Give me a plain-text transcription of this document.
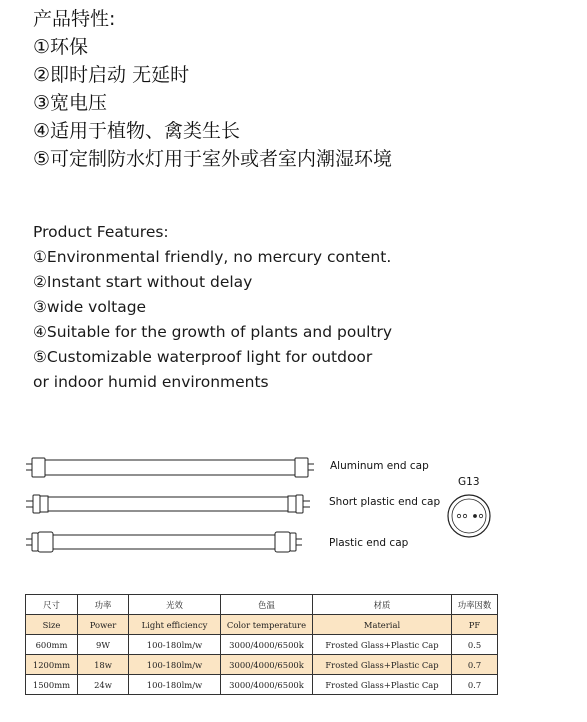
产品特性:
①环保
②即时启动 无延时
③宽电压
④适用于植物、禽类生长
⑤可定制防水灯用于室外或者室内潮湿环境
Product Features:
①Environmental friendly, no mercury content.
②Instant start without delay
③wide voltage
④Suitable for the growth of plants and poultry
⑤Customizable waterproof light for outdoor
or indoor humid environments
Aluminum end cap
Short plastic end cap
Plastic end cap
G13
尺寸	功率	光效	色温	材质	功率因数
Size	Power	Light efficiency	Color temperature	Material	PF
600mm	9W	100-180lm/w	3000/4000/6500k	Frosted Glass+Plastic Cap	0.5
1200mm	18w	100-180lm/w	3000/4000/6500k	Frosted Glass+Plastic Cap	0.7
1500mm	24w	100-180lm/w	3000/4000/6500k	Frosted Glass+Plastic Cap	0.7
